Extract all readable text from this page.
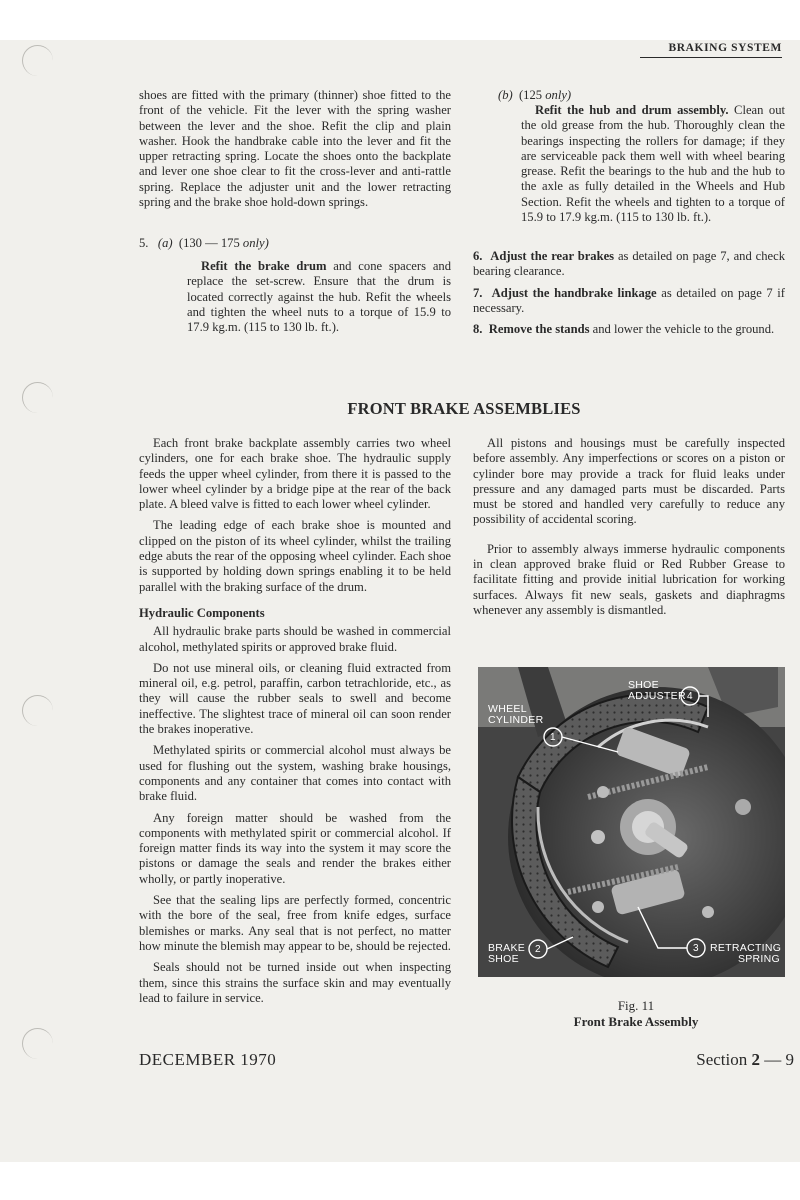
BRAKING SYSTEM

shoes are fitted with the primary (thinner) shoe fitted to the front of the vehicle. Fit the lever with the spring washer between the lever and the shoe. Refit the clip and plain washer. Hook the handbrake cable into the lever and fit the upper retracting spring. Locate the shoes onto the backplate and lever one shoe clear to fit the cross-lever and anti-rattle spring. Replace the adjuster unit and the lower retracting spring and the brake shoe hold-down springs.

5. (a) (130 — 175 only)

Refit the brake drum and cone spacers and replace the set-screw. Ensure that the drum is located correctly against the hub. Refit the wheels and tighten the wheel nuts to a torque of 15.9 to 17.9 kg.m. (115 to 130 lb. ft.).

(b) (125 only)

Refit the hub and drum assembly. Clean out the old grease from the hub. Thoroughly clean the bearings inspecting the rollers for damage; if they are serviceable pack them well with wheel bearing grease. Refit the bearings to the hub and the hub to the axle as fully detailed in the Wheels and Hub Section. Refit the wheels and tighten to a torque of 15.9 to 17.9 kg.m. (115 to 130 lb. ft.).

6. Adjust the rear brakes as detailed on page 7, and check bearing clearance.

7. Adjust the handbrake linkage as detailed on page 7 if necessary.

8. Remove the stands and lower the vehicle to the ground.

FRONT BRAKE ASSEMBLIES

Each front brake backplate assembly carries two wheel cylinders, one for each brake shoe. The hydraulic supply feeds the upper wheel cylinder, from there it is passed to the lower wheel cylinder by a bridge pipe at the rear of the back plate. A bleed valve is fitted to each lower wheel cylinder.

The leading edge of each brake shoe is mounted and clipped on the piston of its wheel cylinder, whilst the trailing edge abuts the rear of the opposing wheel cylinder. Each shoe is supported by holding down springs enabling it to be held parallel with the braking surface of the drum.

Hydraulic Components

All hydraulic brake parts should be washed in commercial alcohol, methylated spirits or approved brake fluid.

Do not use mineral oils, or cleaning fluid extracted from mineral oil, e.g. petrol, paraffin, carbon tetrachloride, etc., as they will cause the rubber seals to swell and become ineffective. The slightest trace of mineral oil can soon render the brakes inoperative.

Methylated spirits or commercial alcohol must always be used for flushing out the system, washing brake housings, components and any container that comes into contact with brake fluid.

Any foreign matter should be washed from the components with methylated spirit or commercial alcohol. If foreign matter finds its way into the system it may score the pistons or damage the seals and render the brakes either wholly, or partly inoperative.

See that the sealing lips are perfectly formed, concentric with the bore of the seal, free from knife edges, surface blemishes or marks. Any seal that is not perfect, no matter how minute the blemish may appear to be, should be rejected.

Seals should not be turned inside out when inspecting them, since this strains the surface skin and may eventually lead to failure in service.

All pistons and housings must be carefully inspected before assembly. Any imperfections or scores on a piston or cylinder bore may provide a track for fluid leaks under pressure and any damaged parts must be discarded. Parts must be stored and handled very carefully to reduce any possibility of accidental scoring.

Prior to assembly always immerse hydraulic components in clean approved brake fluid or Red Rubber Grease to facilitate fitting and provide initial lubrication for working surfaces. Always fit new seals, gaskets and diaphragms whenever any assembly is dismantled.

WHEEL
CYLINDER
1
SHOE
ADJUSTER 4
BRAKE
SHOE
2	RETRACTING
SPRING
3
Fig. 11
Front Brake Assembly
DECEMBER 1970	Section 2 — 9
